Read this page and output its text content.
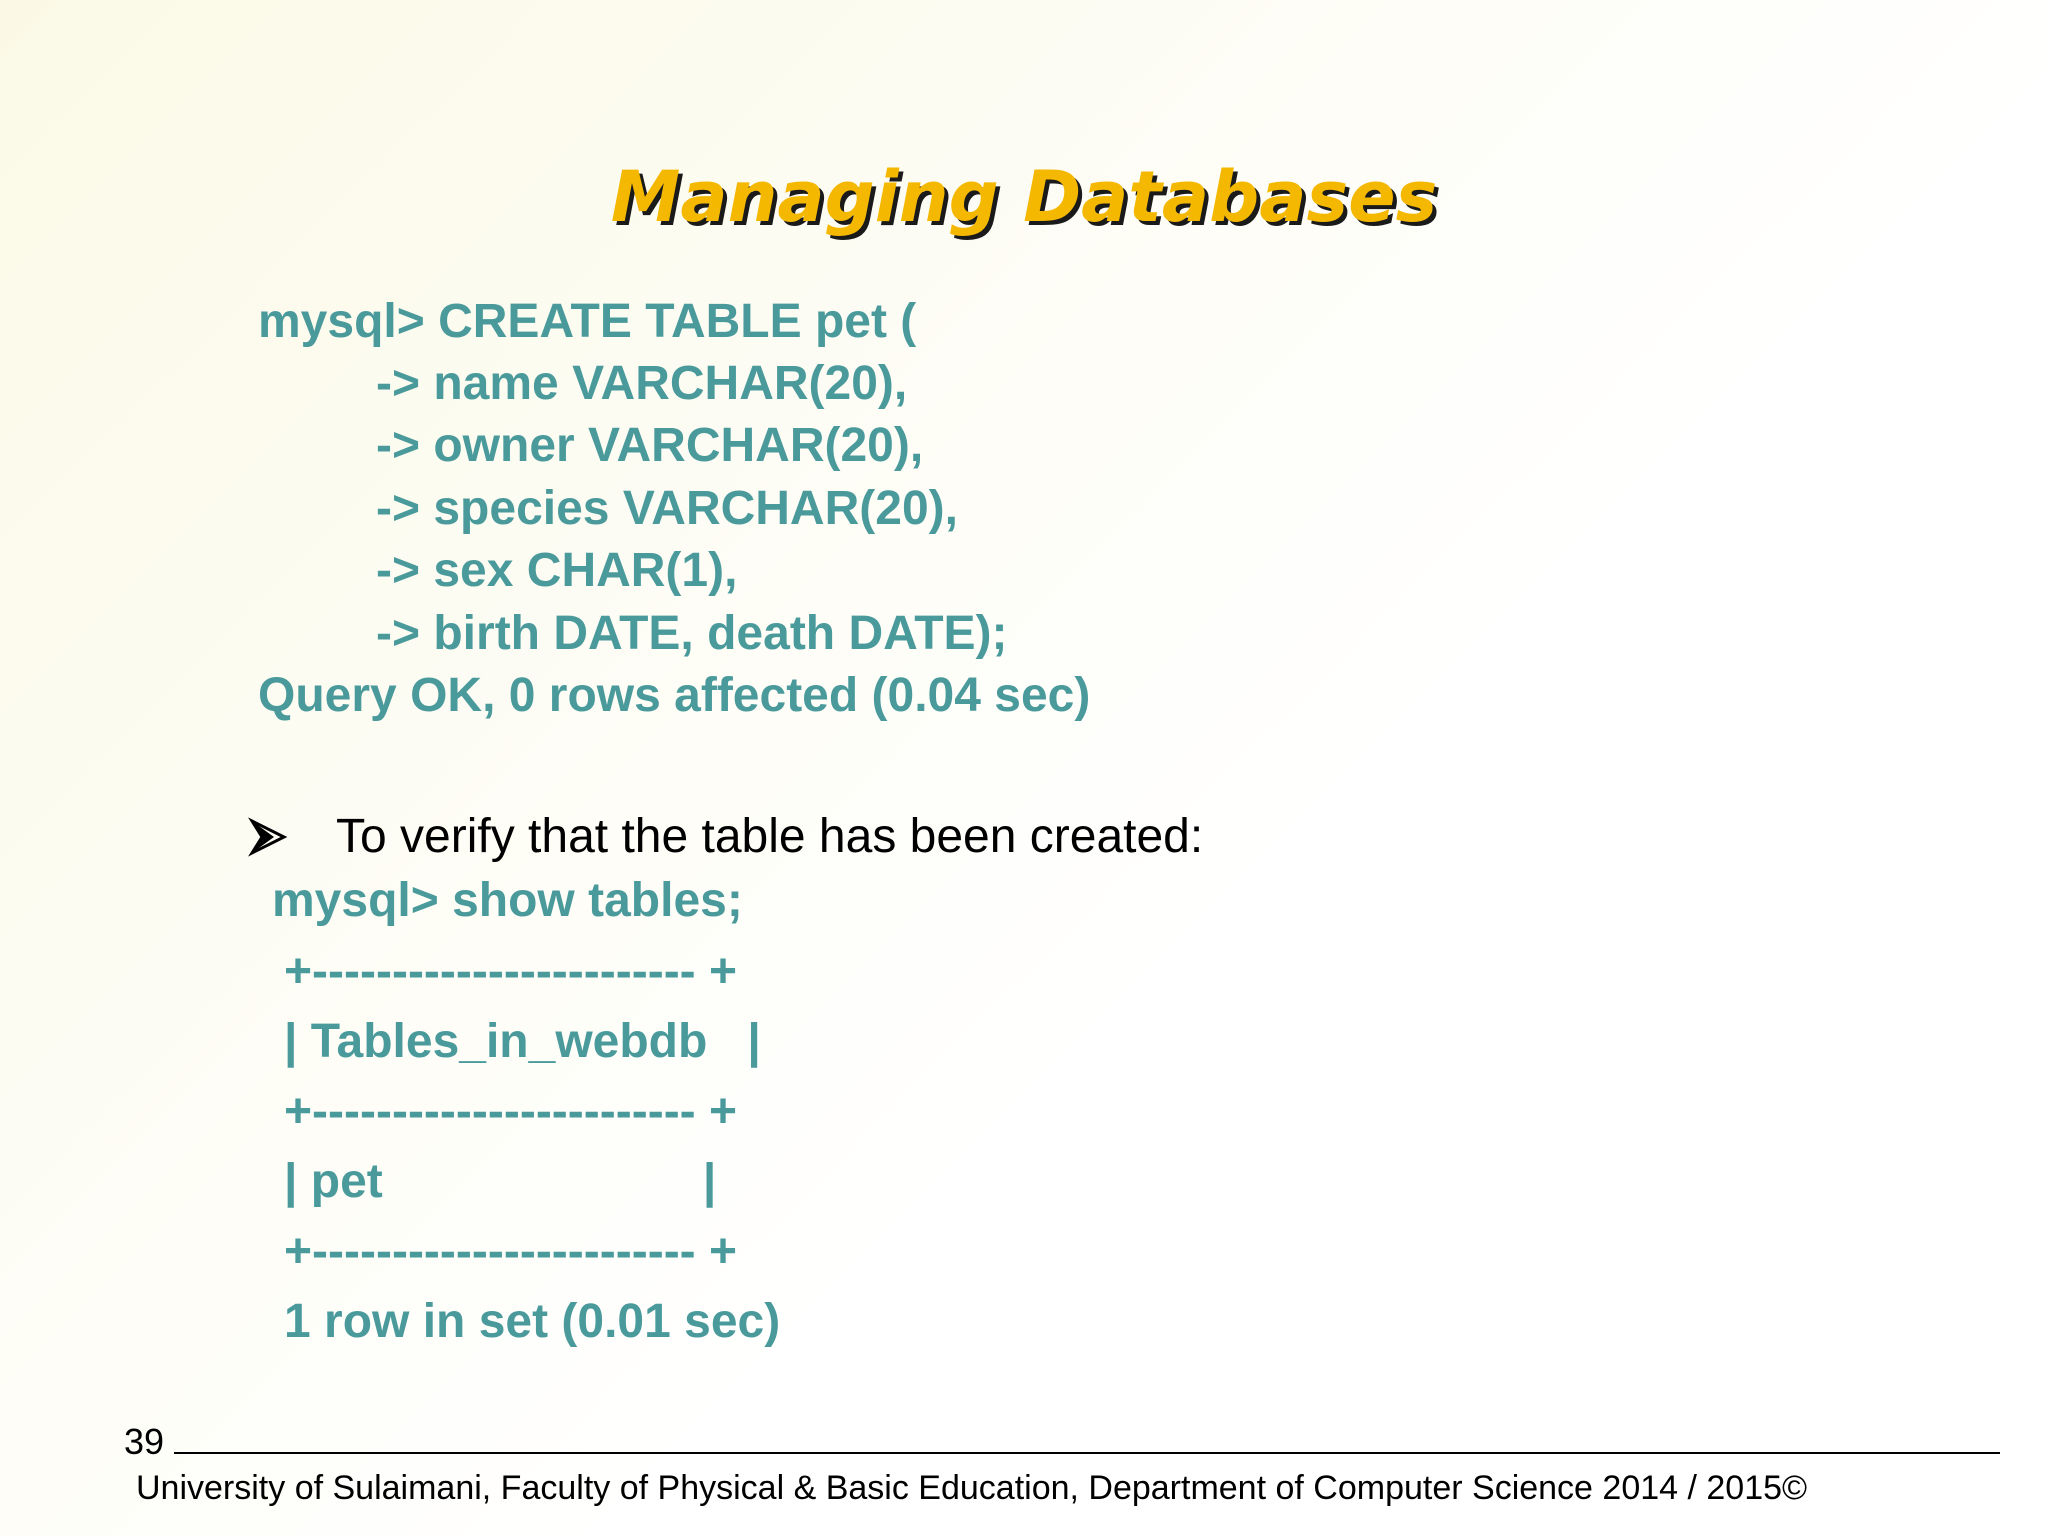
Managing Databases

mysql> CREATE TABLE pet (

-> name VARCHAR(20),

-> owner VARCHAR(20),

-> species VARCHAR(20),

-> sex CHAR(1),

-> birth DATE, death DATE);

Query OK, 0 rows affected (0.04 sec)

To verify that the table has been created:

mysql> show tables;

+------------------------ +

| Tables_in_webdb   |

+------------------------ +

| pet                        |

+------------------------ +

1 row in set (0.01 sec)

39
University of Sulaimani, Faculty of Physical & Basic Education, Department of Computer Science 2014 / 2015©
